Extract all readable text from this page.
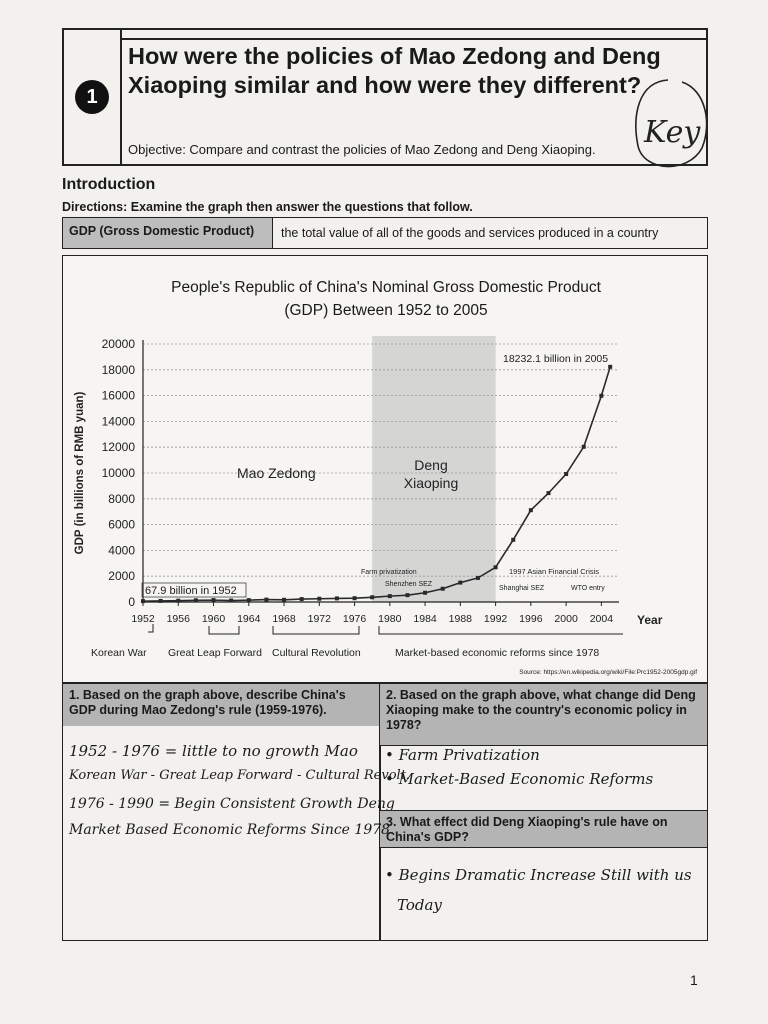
1
How were the policies of Mao Zedong and Deng Xiaoping similar and how were they different?
Objective: Compare and contrast the policies of Mao Zedong and Deng Xiaoping.	Key
Introduction
Directions: Examine the graph then answer the questions that follow.
GDP (Gross Domestic Product)	the total value of all of the goods and services produced in a country
People's Republic of China's Nominal Gross Domestic Product
(GDP) Between 1952 to 2005
0
2000
4000
6000
8000
10000
12000
14000
16000
18000
20000
1952 1956 1960 1964 1968 1972 1976 1980 1984 1988 1992 1996 2000 2004 Year
GDP (in billions of RMB yuan)
67.9 billion in 1952
18232.1 billion in 2005
Mao Zedong	Deng
Xiaoping
Farm privatization
Shenzhen SEZ
1997 Asian Financial Crisis
Shanghai SEZ	WTO entry
Korean War Great Leap Forward Cultural Revolution	Market-based economic reforms since 1978
Source: https://en.wikipedia.org/wiki/File:Prc1952-2005gdp.gif
1. Based on the graph above, describe China's GDP during Mao Zedong's rule (1959-1976).
2. Based on the graph above, what change did Deng Xiaoping make to the country's economic policy in 1978?
3. What effect did Deng Xiaoping's rule have on China's GDP?
1952 - 1976 = little to no growth Mao
Korean War - Great Leap Forward - Cultural Revolt.
1976 - 1990 = Begin Consistent Growth Deng
Market Based Economic Reforms Since 1978
• Farm Privatization
• Market-Based Economic Reforms
• Begins Dramatic Increase Still with us
Today
1
